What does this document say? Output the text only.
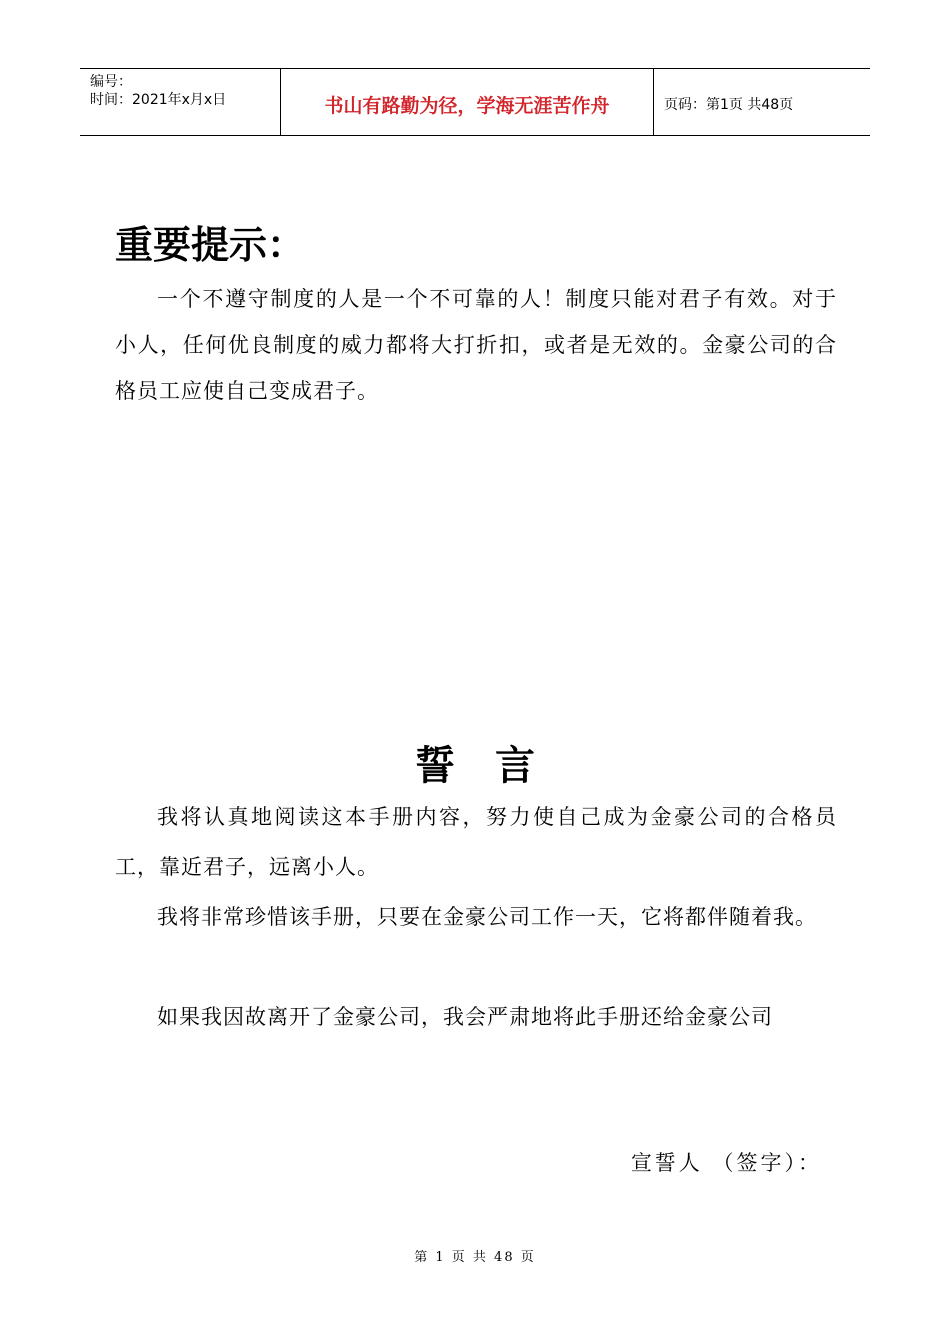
编号：
时间：2021年x月x日	书山有路勤为径，学海无涯苦作舟	页码：第1页 共48页
重要提示：

一个不遵守制度的人是一个不可靠的人！制度只能对君子有效。对于小人，任何优良制度的威力都将大打折扣，或者是无效的。金豪公司的合格员工应使自己变成君子。

誓言

我将认真地阅读这本手册内容，努力使自己成为金豪公司的合格员工，靠近君子，远离小人。

我将非常珍惜该手册，只要在金豪公司工作一天，它将都伴随着我。

如果我因故离开了金豪公司，我会严肃地将此手册还给金豪公司

宣誓人 （签字）：
第 1 页 共 48 页
